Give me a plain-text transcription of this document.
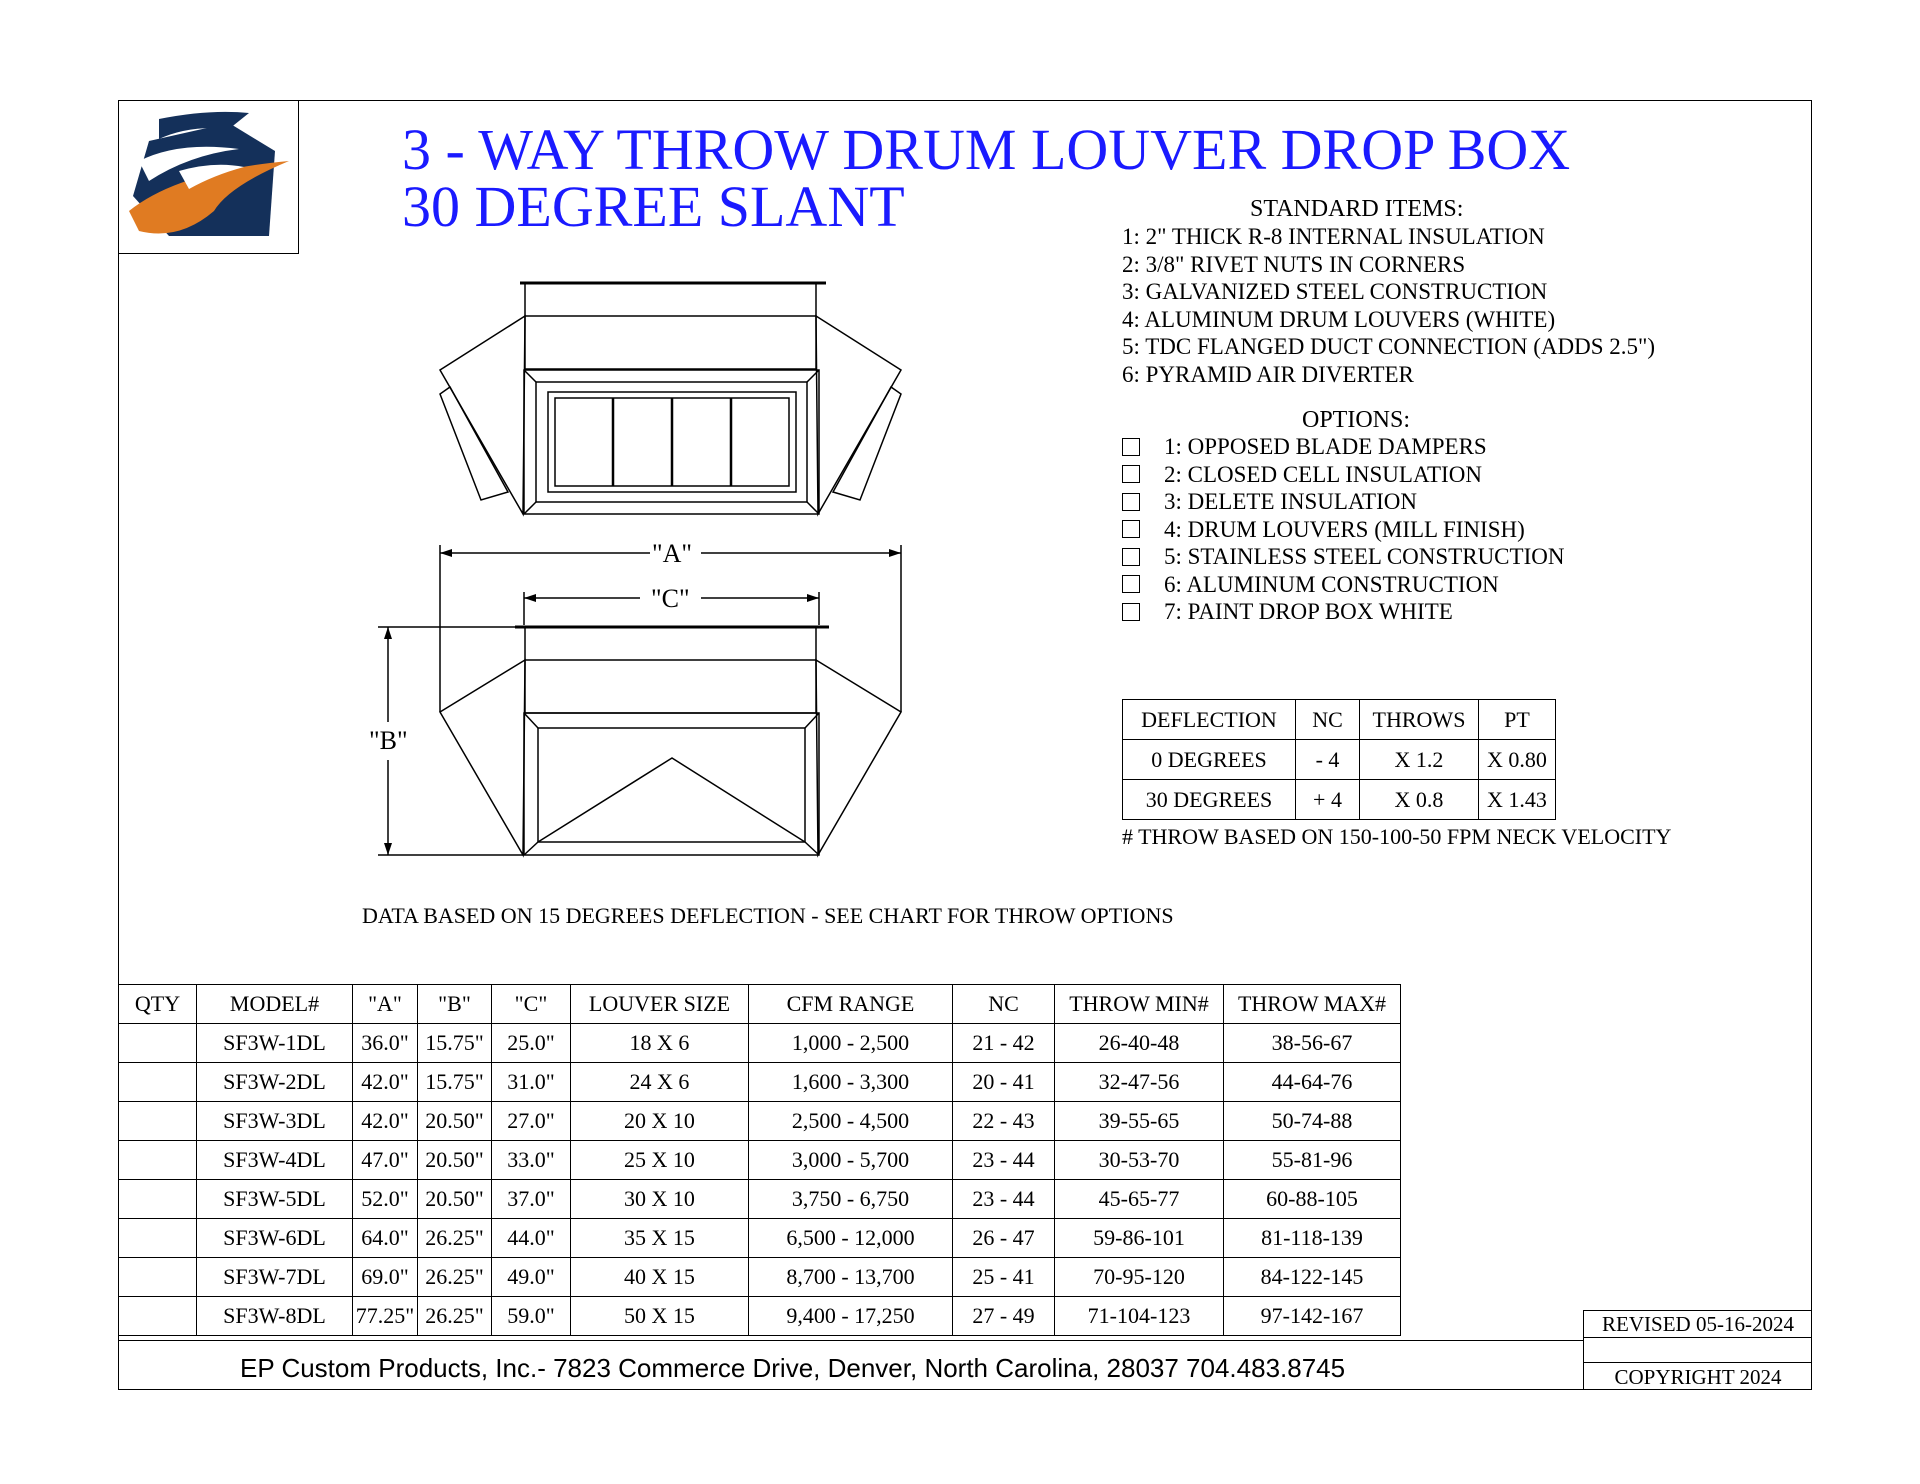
3 - WAY THROW DRUM LOUVER DROP BOX
30 DEGREE SLANT	STANDARD ITEMS:
1: 2" THICK R-8 INTERNAL INSULATION
2: 3/8" RIVET NUTS IN CORNERS
3: GALVANIZED STEEL CONSTRUCTION
4: ALUMINUM DRUM LOUVERS (WHITE)
5: TDC FLANGED DUCT CONNECTION (ADDS 2.5")
6: PYRAMID AIR DIVERTER
OPTIONS:
1: OPPOSED BLADE DAMPERS
2: CLOSED CELL INSULATION
3: DELETE INSULATION
4: DRUM LOUVERS (MILL FINISH)
5: STAINLESS STEEL CONSTRUCTION
6: ALUMINUM CONSTRUCTION
7: PAINT DROP BOX WHITE
DEFLECTION	NC	THROWS	PT
0 DEGREES	- 4	X 1.2	X 0.80
30 DEGREES	+ 4	X 0.8	X 1.43
# THROW BASED ON 150-100-50 FPM NECK VELOCITY
"A"
"C"
"B"
DATA BASED ON 15 DEGREES DEFLECTION - SEE CHART FOR THROW OPTIONS
QTY	MODEL#	"A"	"B"	"C"	LOUVER SIZE	CFM RANGE	NC	THROW MIN#	THROW MAX#
	SF3W-1DL	36.0"	15.75"	25.0"	18 X 6	1,000 - 2,500	21 - 42	26-40-48	38-56-67
	SF3W-2DL	42.0"	15.75"	31.0"	24 X 6	1,600 - 3,300	20 - 41	32-47-56	44-64-76
	SF3W-3DL	42.0"	20.50"	27.0"	20 X 10	2,500 - 4,500	22 - 43	39-55-65	50-74-88
	SF3W-4DL	47.0"	20.50"	33.0"	25 X 10	3,000 - 5,700	23 - 44	30-53-70	55-81-96
	SF3W-5DL	52.0"	20.50"	37.0"	30 X 10	3,750 - 6,750	23 - 44	45-65-77	60-88-105
	SF3W-6DL	64.0"	26.25"	44.0"	35 X 15	6,500 - 12,000	26 - 47	59-86-101	81-118-139
	SF3W-7DL	69.0"	26.25"	49.0"	40 X 15	8,700 - 13,700	25 - 41	70-95-120	84-122-145
	SF3W-8DL	77.25"	26.25"	59.0"	50 X 15	9,400 - 17,250	27 - 49	71-104-123	97-142-167
EP Custom Products, Inc.- 7823 Commerce Drive, Denver, North Carolina, 28037 704.483.8745
REVISED 05-16-2024
COPYRIGHT 2024
